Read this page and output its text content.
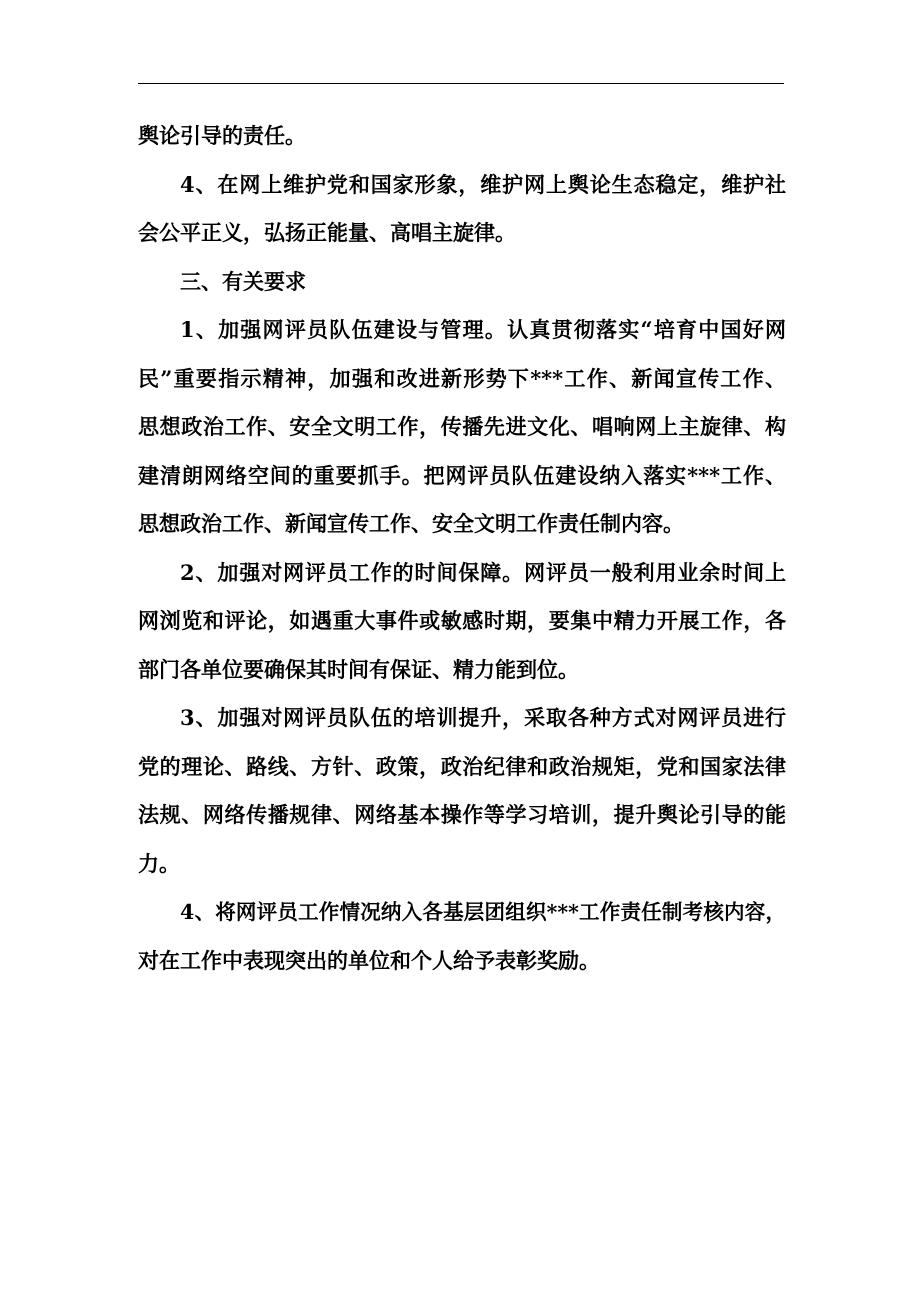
舆论引导的责任。
4、在网上维护党和国家形象，维护网上舆论生态稳定，维护社
会公平正义，弘扬正能量、高唱主旋律。
三、有关要求
1、加强网评员队伍建设与管理。认真贯彻落实“培育中国好网
民”重要指示精神，加强和改进新形势下***工作、新闻宣传工作、
思想政治工作、安全文明工作，传播先进文化、唱响网上主旋律、构
建清朗网络空间的重要抓手。把网评员队伍建设纳入落实***工作、
思想政治工作、新闻宣传工作、安全文明工作责任制内容。
2、加强对网评员工作的时间保障。网评员一般利用业余时间上
网浏览和评论，如遇重大事件或敏感时期，要集中精力开展工作，各
部门各单位要确保其时间有保证、精力能到位。
3、加强对网评员队伍的培训提升，采取各种方式对网评员进行
党的理论、路线、方针、政策，政治纪律和政治规矩，党和国家法律
法规、网络传播规律、网络基本操作等学习培训，提升舆论引导的能
力。
4、将网评员工作情况纳入各基层团组织***工作责任制考核内容，
对在工作中表现突出的单位和个人给予表彰奖励。
